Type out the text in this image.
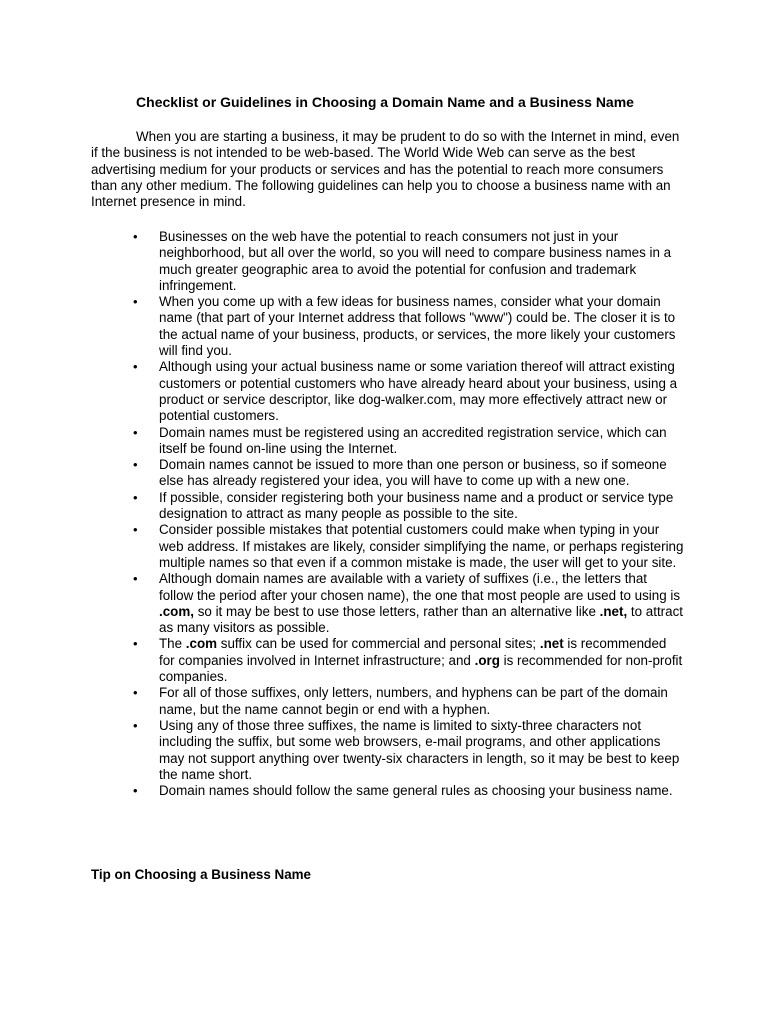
Checklist or Guidelines in Choosing a Domain Name and a Business Name

When you are starting a business, it may be prudent to do so with the Internet in mind, even if the business is not intended to be web-based. The World Wide Web can serve as the best advertising medium for your products or services and has the potential to reach more consumers than any other medium. The following guidelines can help you to choose a business name with an Internet presence in mind.

•	Businesses on the web have the potential to reach consumers not just in your neighborhood, but all over the world, so you will need to compare business names in a much greater geographic area to avoid the potential for confusion and trademark infringement.
•	When you come up with a few ideas for business names, consider what your domain name (that part of your Internet address that follows "www") could be. The closer it is to the actual name of your business, products, or services, the more likely your customers will find you.
•	Although using your actual business name or some variation thereof will attract existing customers or potential customers who have already heard about your business, using a product or service descriptor, like dog-walker.com, may more effectively attract new or potential customers.
•	Domain names must be registered using an accredited registration service, which can itself be found on-line using the Internet.
•	Domain names cannot be issued to more than one person or business, so if someone else has already registered your idea, you will have to come up with a new one.
•	If possible, consider registering both your business name and a product or service type designation to attract as many people as possible to the site.
•	Consider possible mistakes that potential customers could make when typing in your web address. If mistakes are likely, consider simplifying the name, or perhaps registering multiple names so that even if a common mistake is made, the user will get to your site.
•	Although domain names are available with a variety of suffixes (i.e., the letters that follow the period after your chosen name), the one that most people are used to using is .com, so it may be best to use those letters, rather than an alternative like .net, to attract as many visitors as possible.
•	The .com suffix can be used for commercial and personal sites; .net is recommended for companies involved in Internet infrastructure; and .org is recommended for non-profit companies.
•	For all of those suffixes, only letters, numbers, and hyphens can be part of the domain name, but the name cannot begin or end with a hyphen.
•	Using any of those three suffixes, the name is limited to sixty-three characters not including the suffix, but some web browsers, e-mail programs, and other applications may not support anything over twenty-six characters in length, so it may be best to keep the name short.
•	Domain names should follow the same general rules as choosing your business name.
Tip on Choosing a Business Name
